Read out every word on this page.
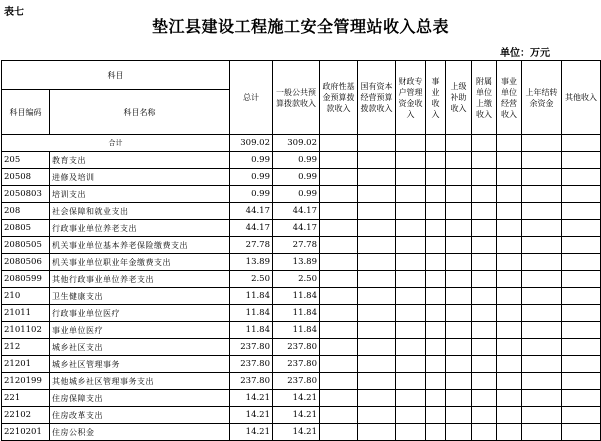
表七
垫江县建设工程施工安全管理站收入总表
单位：万元
科目		总计	一般公共预算拨款收入	政府性基金预算拨款收入	国有资本经营预算拨款收入	财政专户管理资金收入	事业收入	上级补助收入	附属单位上缴收入	事业单位经营收入	上年结转余资金	其他收入
科目编码	科目名称											
合计		309.02	309.02									
205	教育支出	0.99	0.99									
20508	进修及培训	0.99	0.99									
2050803	培训支出	0.99	0.99									
208	社会保障和就业支出	44.17	44.17									
20805	行政事业单位养老支出	44.17	44.17									
2080505	机关事业单位基本养老保险缴费支出	27.78	27.78									
2080506	机关事业单位职业年金缴费支出	13.89	13.89									
2080599	其他行政事业单位养老支出	2.50	2.50									
210	卫生健康支出	11.84	11.84									
21011	行政事业单位医疗	11.84	11.84									
2101102	事业单位医疗	11.84	11.84									
212	城乡社区支出	237.80	237.80									
21201	城乡社区管理事务	237.80	237.80									
2120199	其他城乡社区管理事务支出	237.80	237.80									
221	住房保障支出	14.21	14.21									
22102	住房改革支出	14.21	14.21									
2210201	住房公积金	14.21	14.21									
